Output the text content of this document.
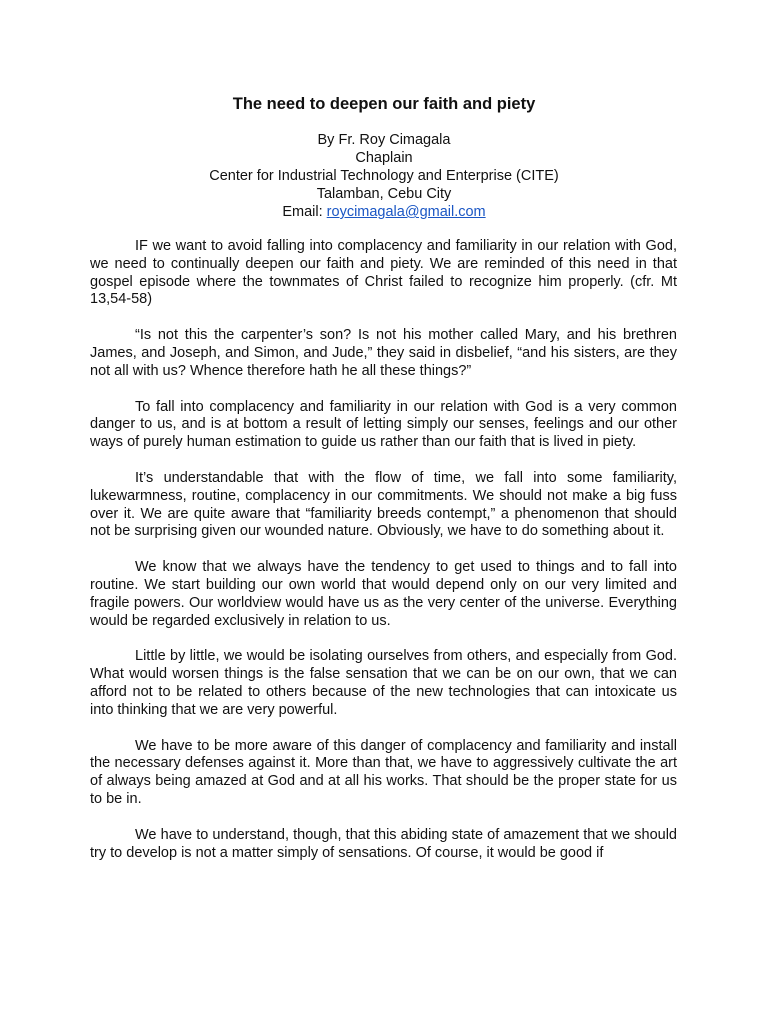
The need to deepen our faith and piety
By Fr. Roy Cimagala
Chaplain
Center for Industrial Technology and Enterprise (CITE)
Talamban, Cebu City
Email: roycimagala@gmail.com

IF we want to avoid falling into complacency and familiarity in our relation with God, we need to continually deepen our faith and piety. We are reminded of this need in that gospel episode where the townmates of Christ failed to recognize him properly. (cfr. Mt 13,54-58)

“Is not this the carpenter’s son? Is not his mother called Mary, and his brethren James, and Joseph, and Simon, and Jude,” they said in disbelief, “and his sisters, are they not all with us? Whence therefore hath he all these things?”

To fall into complacency and familiarity in our relation with God is a very common danger to us, and is at bottom a result of letting simply our senses, feelings and our other ways of purely human estimation to guide us rather than our faith that is lived in piety.

It’s understandable that with the flow of time, we fall into some familiarity, lukewarmness, routine, complacency in our commitments. We should not make a big fuss over it. We are quite aware that “familiarity breeds contempt,” a phenomenon that should not be surprising given our wounded nature. Obviously, we have to do something about it.

We know that we always have the tendency to get used to things and to fall into routine. We start building our own world that would depend only on our very limited and fragile powers. Our worldview would have us as the very center of the universe. Everything would be regarded exclusively in relation to us.

Little by little, we would be isolating ourselves from others, and especially from God. What would worsen things is the false sensation that we can be on our own, that we can afford not to be related to others because of the new technologies that can intoxicate us into thinking that we are very powerful.

We have to be more aware of this danger of complacency and familiarity and install the necessary defenses against it. More than that, we have to aggressively cultivate the art of always being amazed at God and at all his works. That should be the proper state for us to be in.

We have to understand, though, that this abiding state of amazement that we should try to develop is not a matter simply of sensations. Of course, it would be good if
